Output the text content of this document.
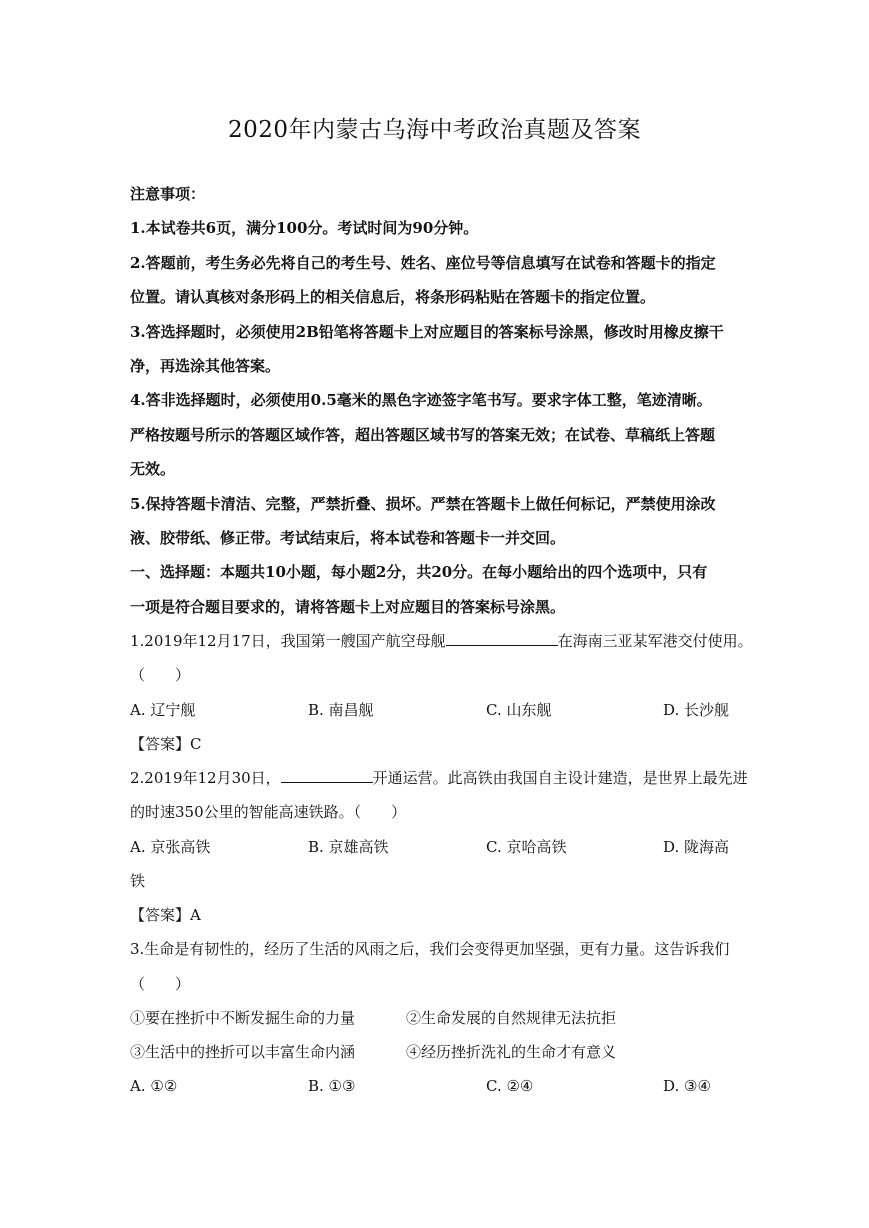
2020年内蒙古乌海中考政治真题及答案
注意事项：
1.本试卷共6页，满分100分。考试时间为90分钟。
2.答题前，考生务必先将自己的考生号、姓名、座位号等信息填写在试卷和答题卡的指定
位置。请认真核对条形码上的相关信息后，将条形码粘贴在答题卡的指定位置。
3.答选择题时，必须使用2B铅笔将答题卡上对应题目的答案标号涂黑，修改时用橡皮擦干
净，再选涂其他答案。
4.答非选择题时，必须使用0.5毫米的黑色字迹签字笔书写。要求字体工整，笔迹清晰。
严格按题号所示的答题区域作答，超出答题区域书写的答案无效；在试卷、草稿纸上答题
无效。
5.保持答题卡清洁、完整，严禁折叠、损坏。严禁在答题卡上做任何标记，严禁使用涂改
液、胶带纸、修正带。考试结束后，将本试卷和答题卡一并交回。
一、选择题：本题共10小题，每小题2分，共20分。在每小题给出的四个选项中，只有
一项是符合题目要求的，请将答题卡上对应题目的答案标号涂黑。
1.2019年12月17日，我国第一艘国产航空母舰	在海南三亚某军港交付使用。
（　　）
A. 辽宁舰	B. 南昌舰	C. 山东舰	D. 长沙舰
【答案】C
2.2019年12月30日，	开通运营。此高铁由我国自主设计建造，是世界上最先进
的时速350公里的智能高速铁路。（　　）
A. 京张高铁	B. 京雄高铁	C. 京哈高铁	D. 陇海高
铁
【答案】A
3.生命是有韧性的，经历了生活的风雨之后，我们会变得更加坚强，更有力量。这告诉我们
（　　）
①要在挫折中不断发掘生命的力量	②生命发展的自然规律无法抗拒
③生活中的挫折可以丰富生命内涵	④经历挫折洗礼的生命才有意义
A. ①②	B. ①③	C. ②④	D. ③④
